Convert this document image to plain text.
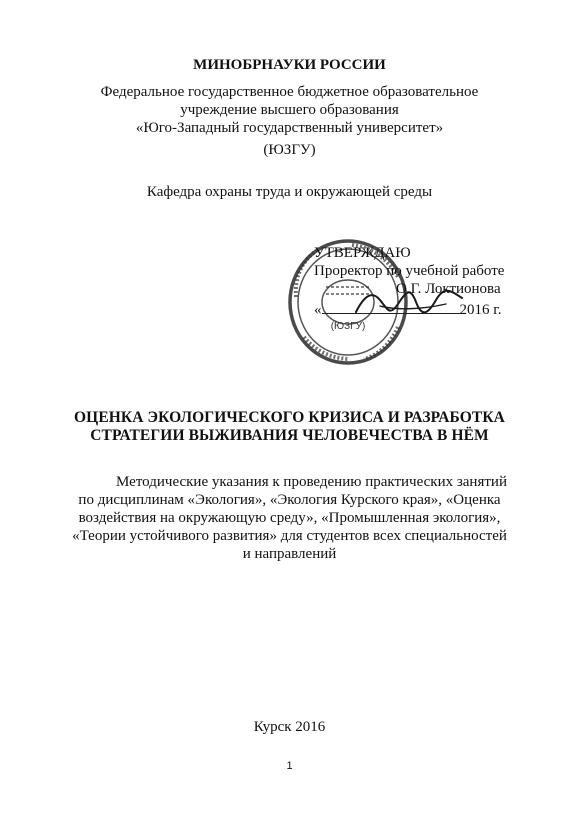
МИНОБРНАУКИ РОССИИ
Федеральное государственное бюджетное образовательное
учреждение высшего образования
«Юго-Западный государственный университет»
(ЮЗГУ)
Кафедра охраны труда и окружающей среды
(ЮЗГУ)
УТВЕРЖДАЮ
Проректор по учебной работе
О.Г. Локтионова
«	2016 г.
ОЦЕНКА ЭКОЛОГИЧЕСКОГО КРИЗИСА И РАЗРАБОТКА
СТРАТЕГИИ ВЫЖИВАНИЯ ЧЕЛОВЕЧЕСТВА В НЁМ
Методические указания к проведению практических занятий
по дисциплинам «Экология», «Экология Курского края», «Оценка
воздействия на окружающую среду», «Промышленная экология»,
«Теории устойчивого развития» для студентов всех специальностей
и направлений
Курск 2016
1
